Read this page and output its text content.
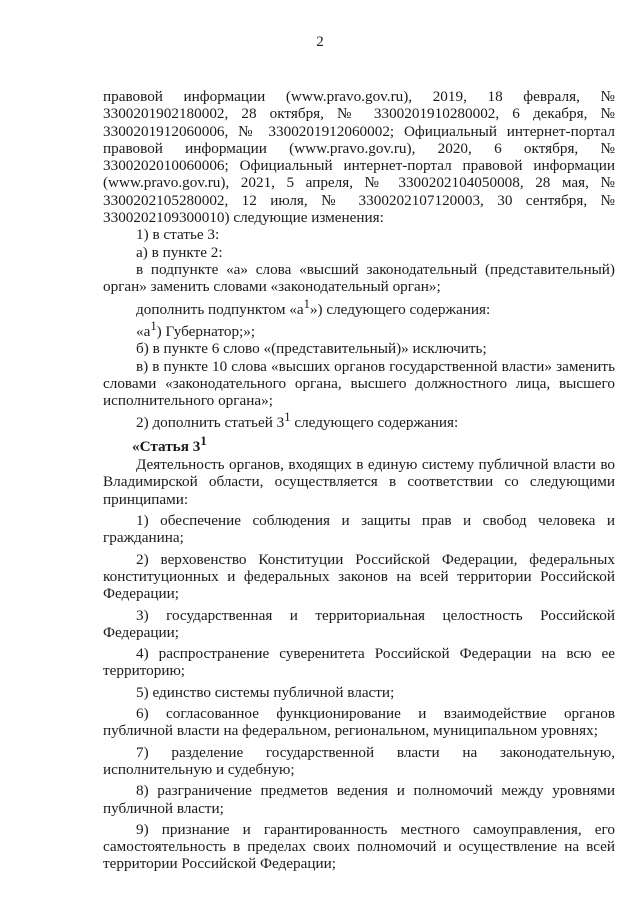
2

правовой информации (www.pravo.gov.ru), 2019, 18 февраля, № 3300201902180002, 28 октября, № 3300201910280002, 6 декабря, № 3300201912060006, № 3300201912060002; Официальный интернет-портал правовой информации (www.pravo.gov.ru), 2020, 6 октября, № 3300202010060006; Официальный интернет-портал правовой информации (www.pravo.gov.ru), 2021, 5 апреля, № 3300202104050008, 28 мая, № 3300202105280002, 12 июля, № 3300202107120003, 30 сентября, № 3300202109300010) следующие изменения:

1) в статье 3:

а) в пункте 2:

в подпункте «а» слова «высший законодательный (представительный) орган» заменить словами «законодательный орган»;

дополнить подпунктом «$а^1$») следующего содержания:

«$а^1$) Губернатор;»;

б) в пункте 6 слово «(представительный)» исключить;

в) в пункте 10 слова «высших органов государственной власти» заменить словами «законодательного органа, высшего должностного лица, высшего исполнительного органа»;

2) дополнить статьей $3^1$ следующего содержания:

«Статья $3^1$

Деятельность органов, входящих в единую систему публичной власти во Владимирской области, осуществляется в соответствии со следующими принципами:

1) обеспечение соблюдения и защиты прав и свобод человека и гражданина;

2) верховенство Конституции Российской Федерации, федеральных конституционных и федеральных законов на всей территории Российской Федерации;

3) государственная и территориальная целостность Российской Федерации;

4) распространение суверенитета Российской Федерации на всю ее территорию;

5) единство системы публичной власти;

6) согласованное функционирование и взаимодействие органов публичной власти на федеральном, региональном, муниципальном уровнях;

7) разделение государственной власти на законодательную, исполнительную и судебную;

8) разграничение предметов ведения и полномочий между уровнями публичной власти;

9) признание и гарантированность местного самоуправления, его самостоятельность в пределах своих полномочий и осуществление на всей территории Российской Федерации;
